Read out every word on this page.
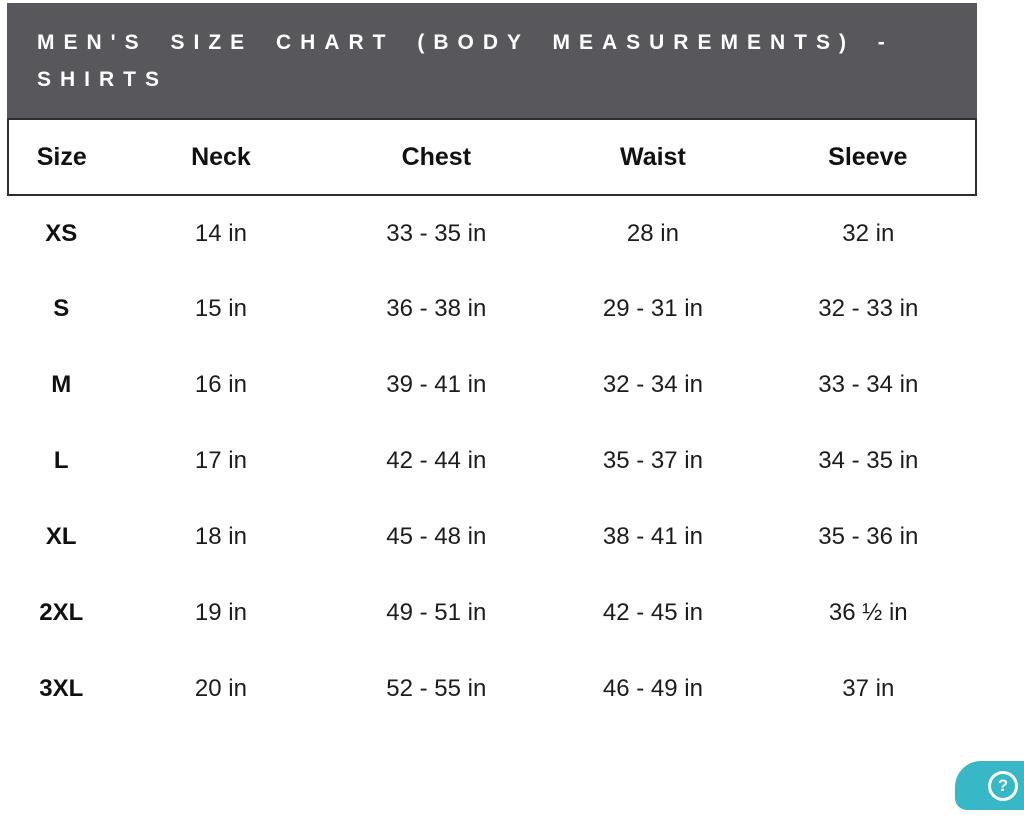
MEN'S SIZE CHART (BODY MEASUREMENTS) -
SHIRTS
Size	Neck	Chest	Waist	Sleeve
XS	14 in	33 - 35 in	28 in	32 in
S	15 in	36 - 38 in	29 - 31 in	32 - 33 in
M	16 in	39 - 41 in	32 - 34 in	33 - 34 in
L	17 in	42 - 44 in	35 - 37 in	34 - 35 in
XL	18 in	45 - 48 in	38 - 41 in	35 - 36 in
2XL	19 in	49 - 51 in	42 - 45 in	36 ½ in
3XL	20 in	52 - 55 in	46 - 49 in	37 in
?
